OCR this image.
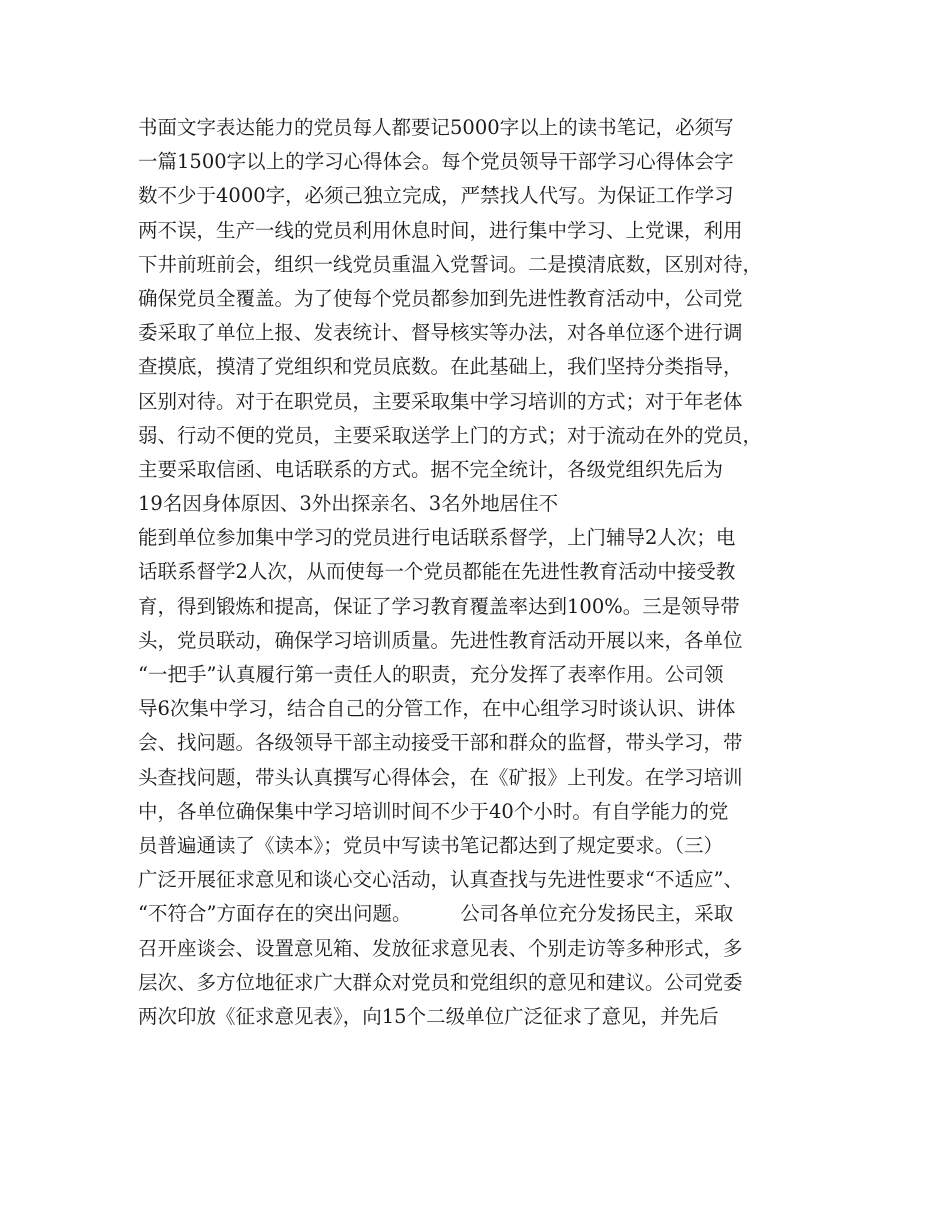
书面文字表达能力的党员每人都要记5000字以上的读书笔记，必须写
一篇1500字以上的学习心得体会。每个党员领导干部学习心得体会字
数不少于4000字，必须己独立完成，严禁找人代写。为保证工作学习
两不误，生产一线的党员利用休息时间，进行集中学习、上党课，利用
下井前班前会，组织一线党员重温入党誓词。二是摸清底数，区别对待，
确保党员全覆盖。为了使每个党员都参加到先进性教育活动中，公司党
委采取了单位上报、发表统计、督导核实等办法，对各单位逐个进行调
查摸底，摸清了党组织和党员底数。在此基础上，我们坚持分类指导，
区别对待。对于在职党员，主要采取集中学习培训的方式；对于年老体
弱、行动不便的党员，主要采取送学上门的方式；对于流动在外的党员，
主要采取信函、电话联系的方式。据不完全统计，各级党组织先后为
19名因身体原因、3外出探亲名、3名外地居住不
能到单位参加集中学习的党员进行电话联系督学，上门辅导2人次；电
话联系督学2人次，从而使每一个党员都能在先进性教育活动中接受教
育，得到锻炼和提高，保证了学习教育覆盖率达到100%。三是领导带
头，党员联动，确保学习培训质量。先进性教育活动开展以来，各单位
“一把手”认真履行第一责任人的职责，充分发挥了表率作用。公司领
导6次集中学习，结合自己的分管工作，在中心组学习时谈认识、讲体
会、找问题。各级领导干部主动接受干部和群众的监督，带头学习，带
头查找问题，带头认真撰写心得体会，在《矿报》上刊发。在学习培训
中，各单位确保集中学习培训时间不少于40个小时。有自学能力的党
员普遍通读了《读本》；党员中写读书笔记都达到了规定要求。（三）
广泛开展征求意见和谈心交心活动，认真查找与先进性要求“不适应”、
“不符合”方面存在的突出问题。　　　公司各单位充分发扬民主，采取
召开座谈会、设置意见箱、发放征求意见表、个别走访等多种形式，多
层次、多方位地征求广大群众对党员和党组织的意见和建议。公司党委
两次印放《征求意见表》，向15个二级单位广泛征求了意见，并先后
